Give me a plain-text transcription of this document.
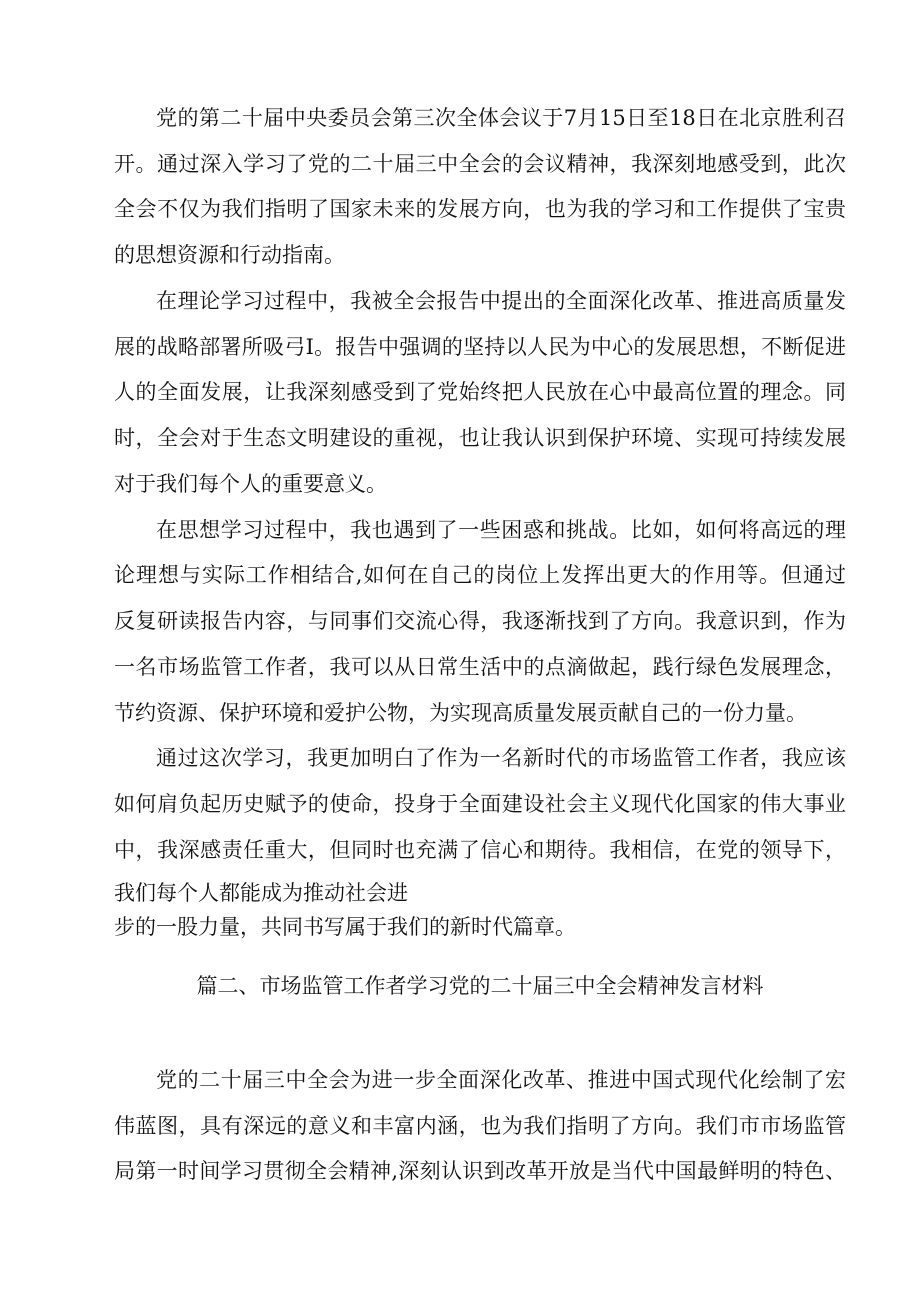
党的第二十届中央委员会第三次全体会议于7月15日至18日在北京胜利召
开。通过深入学习了党的二十届三中全会的会议精神，我深刻地感受到，此次
全会不仅为我们指明了国家未来的发展方向，也为我的学习和工作提供了宝贵
的思想资源和行动指南。
在理论学习过程中，我被全会报告中提出的全面深化改革、推进高质量发
展的战略部署所吸弓I。报告中强调的坚持以人民为中心的发展思想，不断促进
人的全面发展，让我深刻感受到了党始终把人民放在心中最高位置的理念。同
时，全会对于生态文明建设的重视，也让我认识到保护环境、实现可持续发展
对于我们每个人的重要意义。
在思想学习过程中，我也遇到了一些困惑和挑战。比如，如何将高远的理
论理想与实际工作相结合,如何在自己的岗位上发挥出更大的作用等。但通过
反复研读报告内容，与同事们交流心得，我逐渐找到了方向。我意识到，作为
一名市场监管工作者，我可以从日常生活中的点滴做起，践行绿色发展理念，
节约资源、保护环境和爱护公物，为实现高质量发展贡献自己的一份力量。
通过这次学习，我更加明白了作为一名新时代的市场监管工作者，我应该
如何肩负起历史赋予的使命，投身于全面建设社会主义现代化国家的伟大事业
中，我深感责任重大，但同时也充满了信心和期待。我相信，在党的领导下，
我们每个人都能成为推动社会进
步的一股力量，共同书写属于我们的新时代篇章。
篇二、市场监管工作者学习党的二十届三中全会精神发言材料
党的二十届三中全会为进一步全面深化改革、推进中国式现代化绘制了宏
伟蓝图，具有深远的意义和丰富内涵，也为我们指明了方向。我们市市场监管
局第一时间学习贯彻全会精神,深刻认识到改革开放是当代中国最鲜明的特色、
